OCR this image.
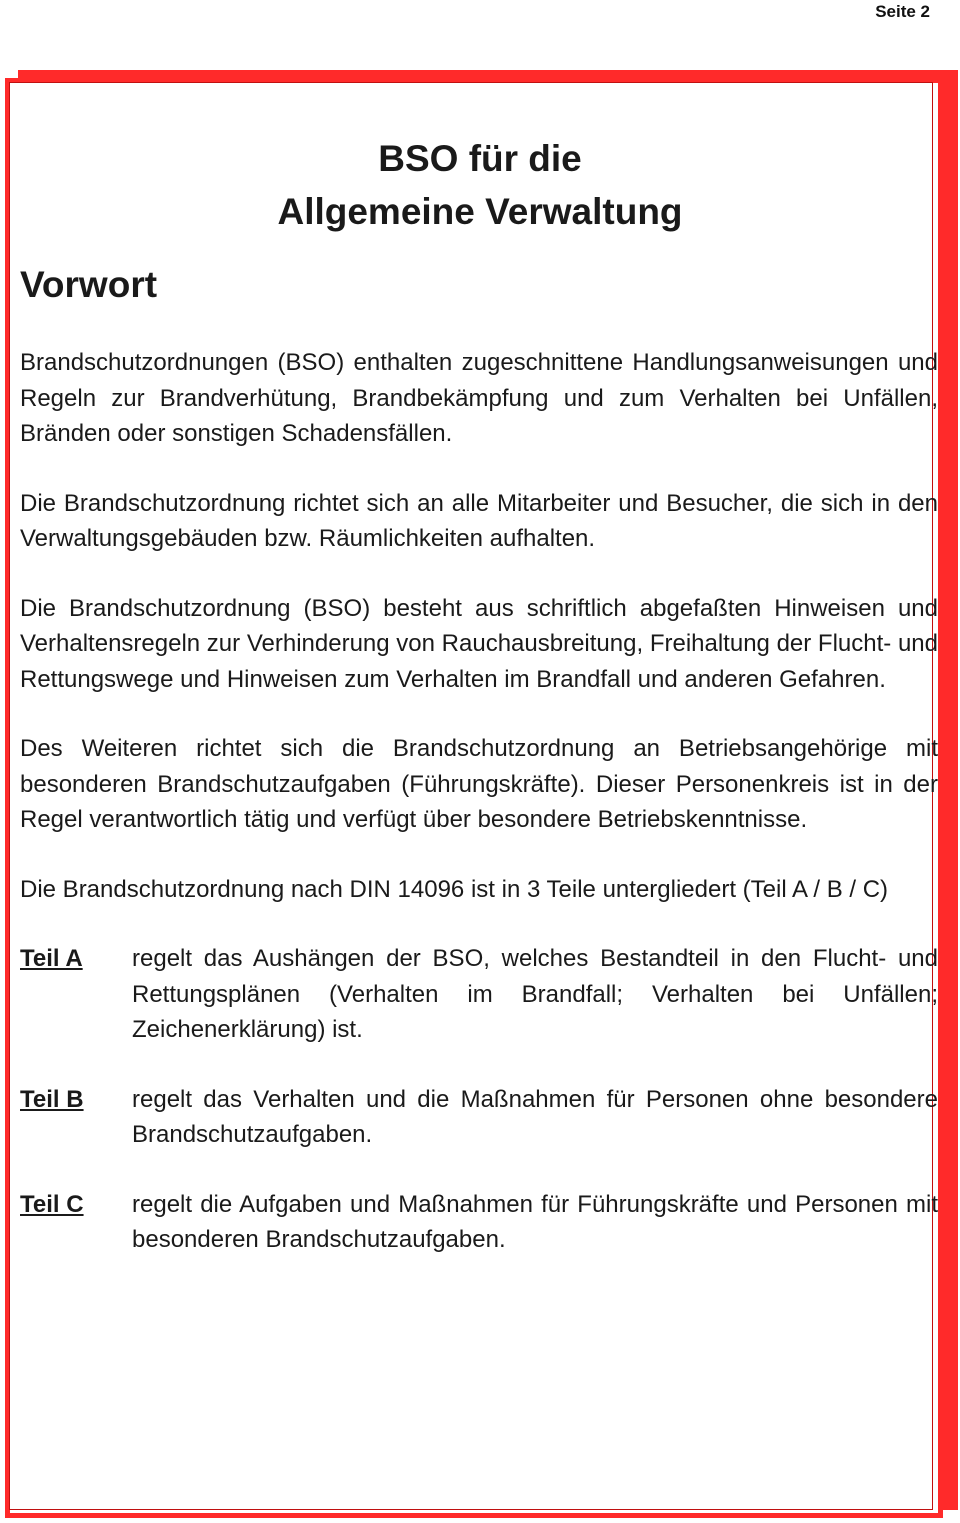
Seite 2
BSO für die
Allgemeine Verwaltung
Vorwort

Brandschutzordnungen (BSO) enthalten zugeschnittene Handlungsanweisungen und Regeln zur Brandverhütung, Brandbekämpfung und zum Verhalten bei Unfällen, Bränden oder sonstigen Schadensfällen.

Die Brandschutzordnung richtet sich an alle Mitarbeiter und Besucher, die sich in den Verwaltungsgebäuden bzw. Räumlichkeiten aufhalten.

Die Brandschutzordnung (BSO) besteht aus schriftlich abgefaßten Hinweisen und Verhaltensregeln zur Verhinderung von Rauchausbreitung, Freihaltung der Flucht- und Rettungswege und Hinweisen zum Verhalten im Brandfall und anderen Gefahren.

Des Weiteren richtet sich die Brandschutzordnung an Betriebsangehörige mit besonderen Brandschutzaufgaben (Führungskräfte). Dieser Personenkreis ist in der Regel verantwortlich tätig und verfügt über besondere Betriebskenntnisse.

Die Brandschutzordnung nach DIN 14096 ist in 3 Teile untergliedert (Teil A / B / C)

Teil A	regelt das Aushängen der BSO, welches Bestandteil in den Flucht- und Rettungsplänen (Verhalten im Brandfall; Verhalten bei Unfällen; Zeichenerklärung) ist.
Teil B	regelt das Verhalten und die Maßnahmen für Personen ohne besondere Brandschutzaufgaben.
Teil C	regelt die Aufgaben und Maßnahmen für Führungskräfte und Personen mit besonderen Brandschutzaufgaben.
